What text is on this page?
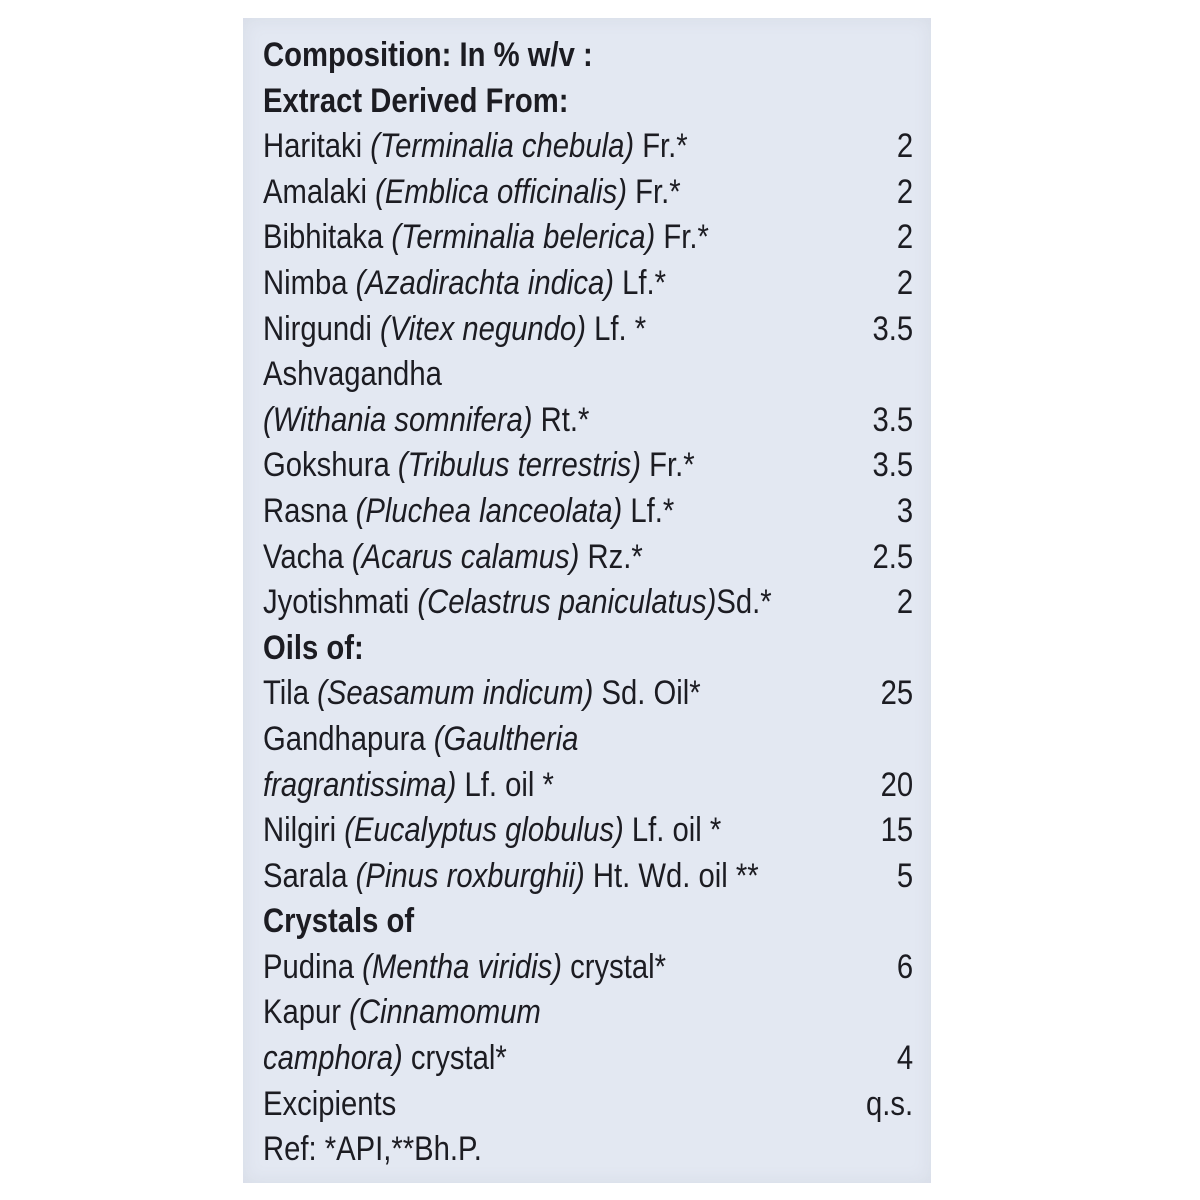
Composition: In % w/v :
Extract Derived From:
Haritaki (Terminalia chebula) Fr.*	2
Amalaki (Emblica officinalis) Fr.*	2
Bibhitaka (Terminalia belerica) Fr.*	2
Nimba (Azadirachta indica) Lf.*	2
Nirgundi (Vitex negundo) Lf. *	3.5
Ashvagandha
(Withania somnifera) Rt.*	3.5
Gokshura (Tribulus terrestris) Fr.*	3.5
Rasna (Pluchea lanceolata) Lf.*	3
Vacha (Acarus calamus) Rz.*	2.5
Jyotishmati (Celastrus paniculatus)Sd.*	2
Oils of:
Tila (Seasamum indicum) Sd. Oil*	25
Gandhapura (Gaultheria
fragrantissima) Lf. oil *	20
Nilgiri (Eucalyptus globulus) Lf. oil *	15
Sarala (Pinus roxburghii) Ht. Wd. oil **	5
Crystals of
Pudina (Mentha viridis) crystal*	6
Kapur (Cinnamomum
camphora) crystal*	4
Excipients	q.s.
Ref: *API,**Bh.P.
